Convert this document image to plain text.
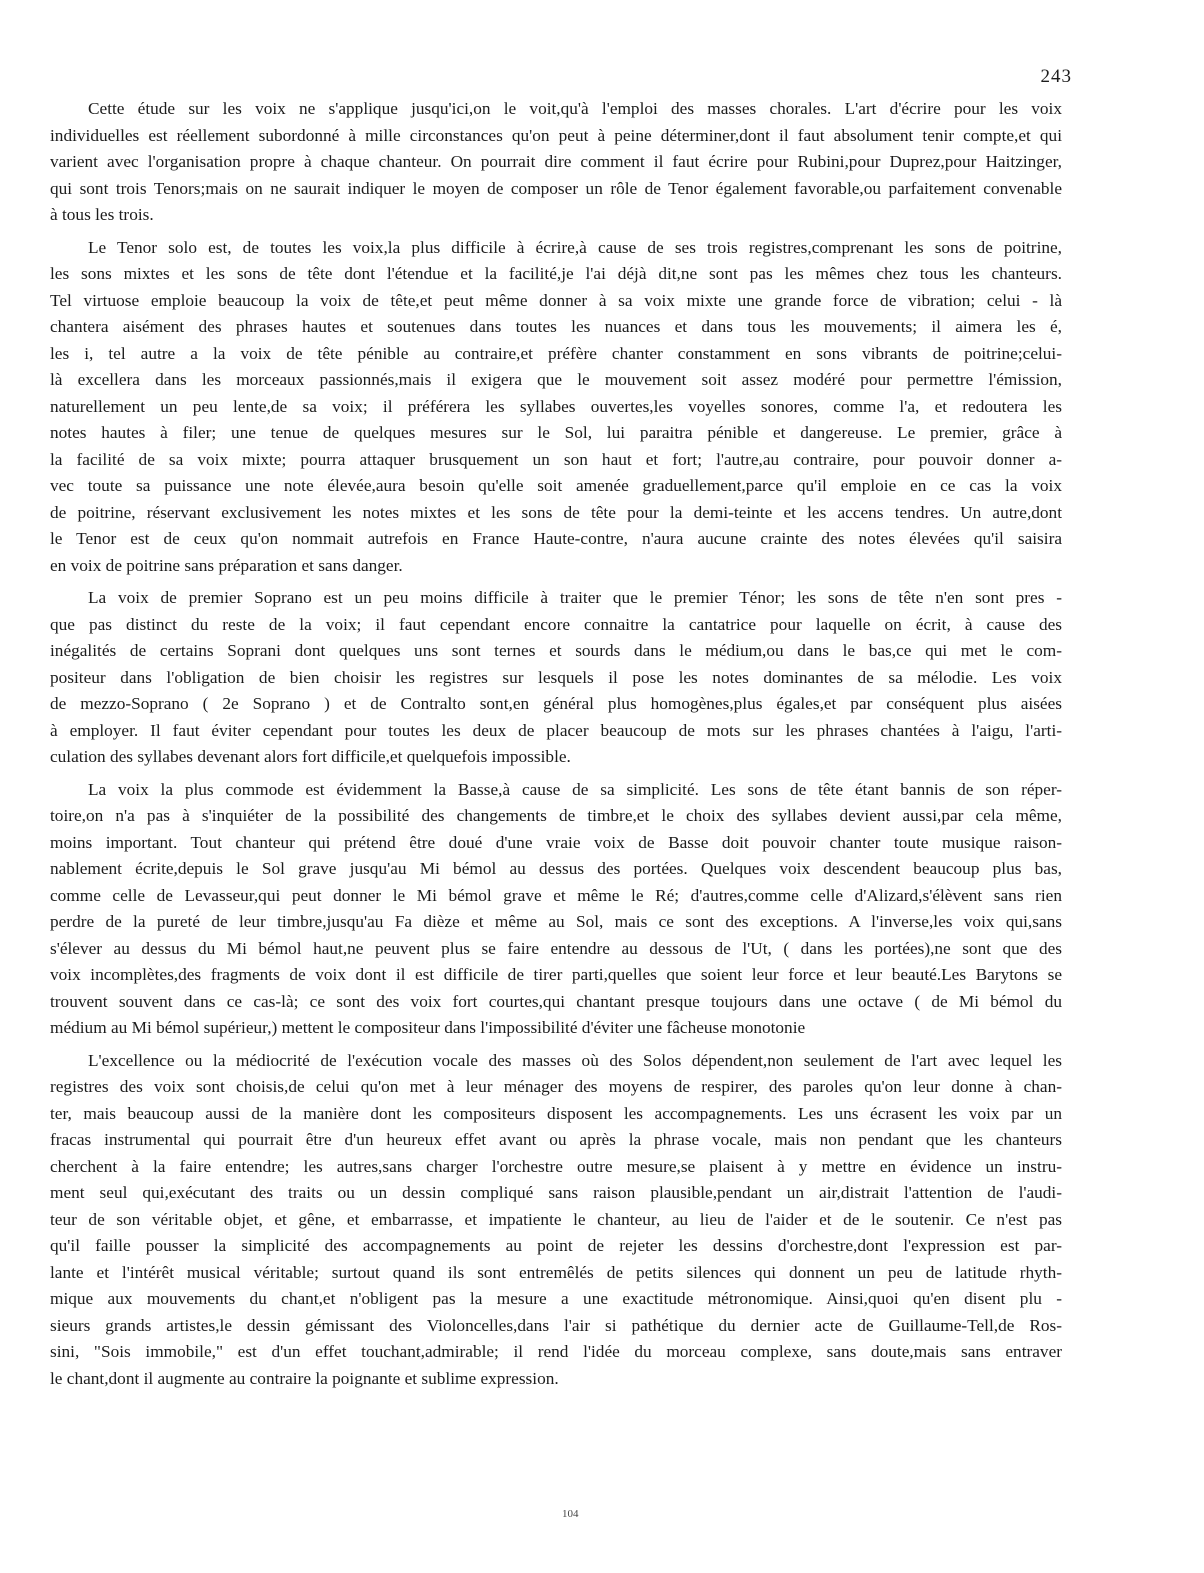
243
Cette étude sur les voix ne s'applique jusqu'ici,on le voit,qu'à l'emploi des masses chorales. L'art d'écrire pour les voix
individuelles est réellement subordonné à mille circonstances qu'on peut à peine déterminer,dont il faut absolument tenir compte,et qui
varient avec l'organisation propre à chaque chanteur. On pourrait dire comment il faut écrire pour Rubini,pour Duprez,pour Haitzinger,
qui sont trois Tenors;mais on ne saurait indiquer le moyen de composer un rôle de Tenor également favorable,ou parfaitement convenable
à tous les trois.
Le Tenor solo est, de toutes les voix,la plus difficile à écrire,à cause de ses trois registres,comprenant les sons de poitrine,
les sons mixtes et les sons de tête dont l'étendue et la facilité,je l'ai déjà dit,ne sont pas les mêmes chez tous les chanteurs.
Tel virtuose emploie beaucoup la voix de tête,et peut même donner à sa voix mixte une grande force de vibration; celui - là
chantera aisément des phrases hautes et soutenues dans toutes les nuances et dans tous les mouvements; il aimera les é,
les i, tel autre a la voix de tête pénible au contraire,et préfère chanter constamment en sons vibrants de poitrine;celui-
là excellera dans les morceaux passionnés,mais il exigera que le mouvement soit assez modéré pour permettre l'émission,
naturellement un peu lente,de sa voix; il préférera les syllabes ouvertes,les voyelles sonores, comme l'a, et redoutera les
notes hautes à filer; une tenue de quelques mesures sur le Sol, lui paraitra pénible et dangereuse. Le premier, grâce à
la facilité de sa voix mixte; pourra attaquer brusquement un son haut et fort; l'autre,au contraire, pour pouvoir donner a-
vec toute sa puissance une note élevée,aura besoin qu'elle soit amenée graduellement,parce qu'il emploie en ce cas la voix
de poitrine, réservant exclusivement les notes mixtes et les sons de tête pour la demi-teinte et les accens tendres. Un autre,dont
le Tenor est de ceux qu'on nommait autrefois en France Haute-contre, n'aura aucune crainte des notes élevées qu'il saisira
en voix de poitrine sans préparation et sans danger.
La voix de premier Soprano est un peu moins difficile à traiter que le premier Ténor; les sons de tête n'en sont pres -
que pas distinct du reste de la voix; il faut cependant encore connaitre la cantatrice pour laquelle on écrit, à cause des
inégalités de certains Soprani dont quelques uns sont ternes et sourds dans le médium,ou dans le bas,ce qui met le com-
positeur dans l'obligation de bien choisir les registres sur lesquels il pose les notes dominantes de sa mélodie. Les voix
de mezzo-Soprano ( 2e Soprano ) et de Contralto sont,en général plus homogènes,plus égales,et par conséquent plus aisées
à employer. Il faut éviter cependant pour toutes les deux de placer beaucoup de mots sur les phrases chantées à l'aigu, l'arti-
culation des syllabes devenant alors fort difficile,et quelquefois impossible.
La voix la plus commode est évidemment la Basse,à cause de sa simplicité. Les sons de tête étant bannis de son réper-
toire,on n'a pas à s'inquiéter de la possibilité des changements de timbre,et le choix des syllabes devient aussi,par cela même,
moins important. Tout chanteur qui prétend être doué d'une vraie voix de Basse doit pouvoir chanter toute musique raison-
nablement écrite,depuis le Sol grave jusqu'au Mi bémol au dessus des portées. Quelques voix descendent beaucoup plus bas,
comme celle de Levasseur,qui peut donner le Mi bémol grave et même le Ré; d'autres,comme celle d'Alizard,s'élèvent sans rien
perdre de la pureté de leur timbre,jusqu'au Fa dièze et même au Sol, mais ce sont des exceptions. A l'inverse,les voix qui,sans
s'élever au dessus du Mi bémol haut,ne peuvent plus se faire entendre au dessous de l'Ut, ( dans les portées),ne sont que des
voix incomplètes,des fragments de voix dont il est difficile de tirer parti,quelles que soient leur force et leur beauté.Les Barytons se
trouvent souvent dans ce cas-là; ce sont des voix fort courtes,qui chantant presque toujours dans une octave ( de Mi bémol du
médium au Mi bémol supérieur,) mettent le compositeur dans l'impossibilité d'éviter une fâcheuse monotonie
L'excellence ou la médiocrité de l'exécution vocale des masses où des Solos dépendent,non seulement de l'art avec lequel les
registres des voix sont choisis,de celui qu'on met à leur ménager des moyens de respirer, des paroles qu'on leur donne à chan-
ter, mais beaucoup aussi de la manière dont les compositeurs disposent les accompagnements. Les uns écrasent les voix par un
fracas instrumental qui pourrait être d'un heureux effet avant ou après la phrase vocale, mais non pendant que les chanteurs
cherchent à la faire entendre; les autres,sans charger l'orchestre outre mesure,se plaisent à y mettre en évidence un instru-
ment seul qui,exécutant des traits ou un dessin compliqué sans raison plausible,pendant un air,distrait l'attention de l'audi-
teur de son véritable objet, et gêne, et embarrasse, et impatiente le chanteur, au lieu de l'aider et de le soutenir. Ce n'est pas
qu'il faille pousser la simplicité des accompagnements au point de rejeter les dessins d'orchestre,dont l'expression est par-
lante et l'intérêt musical véritable; surtout quand ils sont entremêlés de petits silences qui donnent un peu de latitude rhyth-
mique aux mouvements du chant,et n'obligent pas la mesure a une exactitude métronomique. Ainsi,quoi qu'en disent plu -
sieurs grands artistes,le dessin gémissant des Violoncelles,dans l'air si pathétique du dernier acte de Guillaume-Tell,de Ros-
sini, "Sois immobile," est d'un effet touchant,admirable; il rend l'idée du morceau complexe, sans doute,mais sans entraver
le chant,dont il augmente au contraire la poignante et sublime expression.
104
